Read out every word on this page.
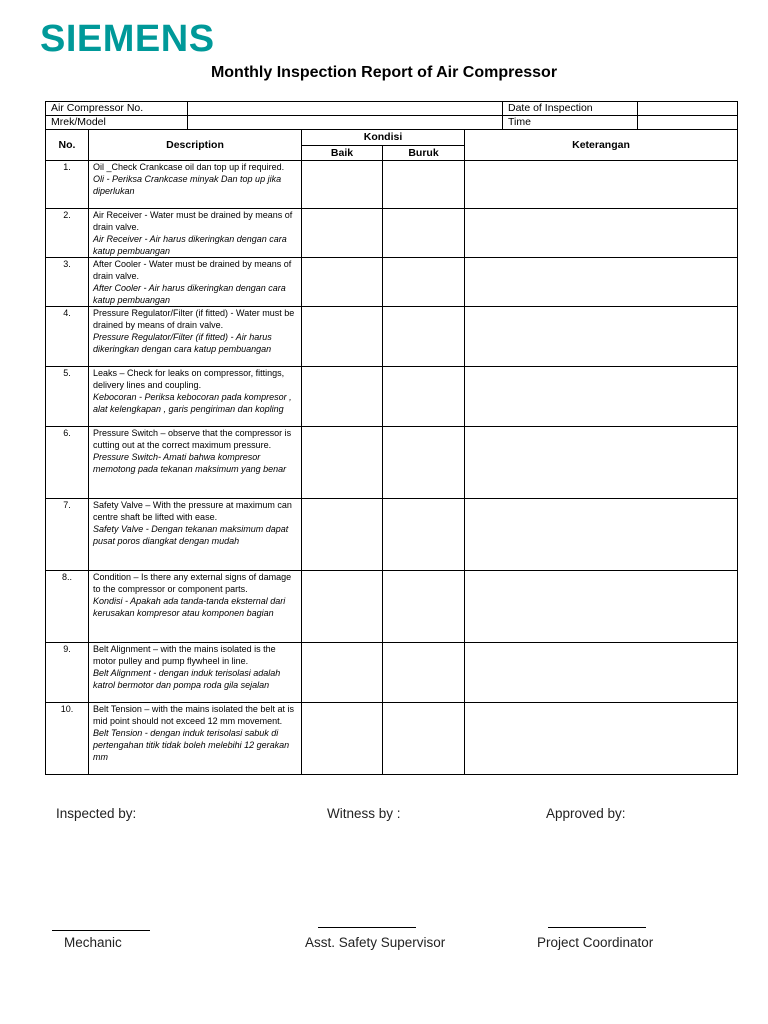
SIEMENS
Monthly Inspection Report of Air Compressor
Air Compressor No.		Date of Inspection	
Mrek/Model		Time	
No.	Description	Kondisi		Keterangan
		Baik	Buruk	
1.	Oil _Check Crankcase oil dan top up if required.
Oli - Periksa Crankcase minyak Dan top up jika diperlukan			

2.	Air Receiver - Water must be drained by means of drain valve.
Air Receiver - Air harus dikeringkan dengan cara katup pembuangan			

3.	After Cooler - Water must be drained by means of drain valve.
After Cooler - Air harus dikeringkan dengan cara katup pembuangan			

4.	Pressure Regulator/Filter (if fitted) - Water must be drained by means of drain valve.
Pressure Regulator/Filter (if fitted) - Air harus dikeringkan dengan cara katup pembuangan			

5.	Leaks – Check for leaks on compressor, fittings, delivery lines and coupling.
Kebocoran - Periksa kebocoran pada kompresor , alat kelengkapan , garis pengiriman dan kopling			

6.	Pressure Switch – observe that the compressor is cutting out at the correct maximum pressure.
Pressure Switch- Amati bahwa kompresor memotong pada tekanan maksimum yang benar			

7.	Safety Valve – With the pressure at maximum can centre shaft be lifted with ease.
Safety Valve - Dengan tekanan maksimum dapat pusat poros diangkat dengan mudah			

8..	Condition – Is there any external signs of damage to the compressor or component parts.
Kondisi - Apakah ada tanda-tanda eksternal dari kerusakan kompresor atau komponen bagian			

9.	Belt Alignment – with the mains isolated is the motor pulley and pump flywheel in line.
Belt Alignment - dengan induk terisolasi adalah katrol bermotor dan pompa roda gila sejalan			

10.	Belt Tension – with the mains isolated the belt at is mid point should not exceed 12 mm movement.
Belt Tension - dengan induk terisolasi sabuk di pertengahan titik tidak boleh melebihi 12 gerakan mm			

Inspected by:	Witness by :	Approved by:
Mechanic	Asst. Safety Supervisor	Project Coordinator
